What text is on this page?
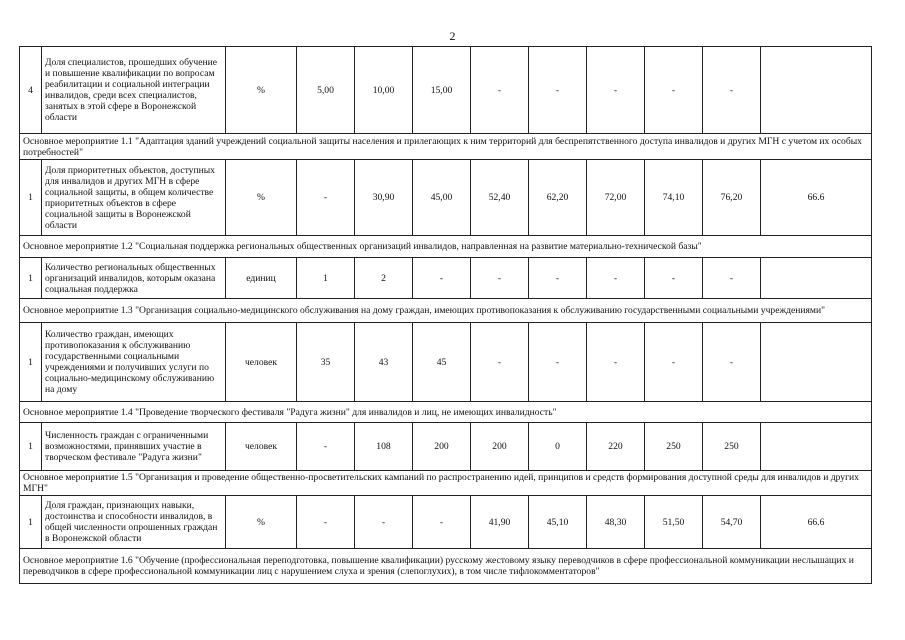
2
4	Доля специалистов, прошедших обучение и повышение квалификации по вопросам реабилитации и социальной интеграции инвалидов, среди всех специалистов, занятых в этой сфере в Воронежской области	%	5,00	10,00	15,00	-	-	-	-	-	
Основное мероприятие 1.1 "Адаптация зданий учреждений социальной защиты населения и прилегающих к ним территорий для беспрепятственного доступа инвалидов и других МГН с учетом их особых потребностей"											
1	Доля приоритетных объектов, доступных для инвалидов и других МГН в сфере социальной защиты, в общем количестве приоритетных объектов в сфере социальной защиты в Воронежской области	%	-	30,90	45,00	52,40	62,20	72,00	74,10	76,20	66.6
Основное мероприятие 1.2 "Социальная поддержка региональных общественных организаций инвалидов, направленная на развитие материально-технической базы"											
1	Количество региональных общественных организаций инвалидов, которым оказана социальная поддержка	единиц	1	2	-	-	-	-	-	-	
Основное мероприятие 1.3 "Организация социально-медицинского обслуживания на дому граждан, имеющих противопоказания к обслуживанию государственными социальными учреждениями"											
1	Количество граждан, имеющих противопоказания к обслуживанию государственными социальными учреждениями и получивших услуги по социально-медицинскому обслуживанию на дому	человек	35	43	45	-	-	-	-	-	
Основное мероприятие 1.4 "Проведение творческого фестиваля "Радуга жизни" для инвалидов и лиц, не имеющих инвалидность"											
1	Численность граждан с ограниченными возможностями, принявших участие в творческом фестивале "Радуга жизни"	человек	-	108	200	200	0	220	250	250	
Основное мероприятие 1.5 "Организация и проведение общественно-просветительских кампаний по распространению идей, принципов и средств формирования доступной среды для инвалидов и других МГН"											
1	Доля граждан, признающих навыки, достоинства и способности инвалидов, в общей численности опрошенных граждан в Воронежской области	%	-	-	-	41,90	45,10	48,30	51,50	54,70	66.6
Основное мероприятие 1.6 "Обучение (профессиональная переподготовка, повышение квалификации) русскому жестовому языку переводчиков в сфере профессиональной коммуникации неслышащих и переводчиков в сфере профессиональной коммуникации лиц с нарушением слуха и зрения (слепоглухих), в том числе тифлокомментаторов"											
